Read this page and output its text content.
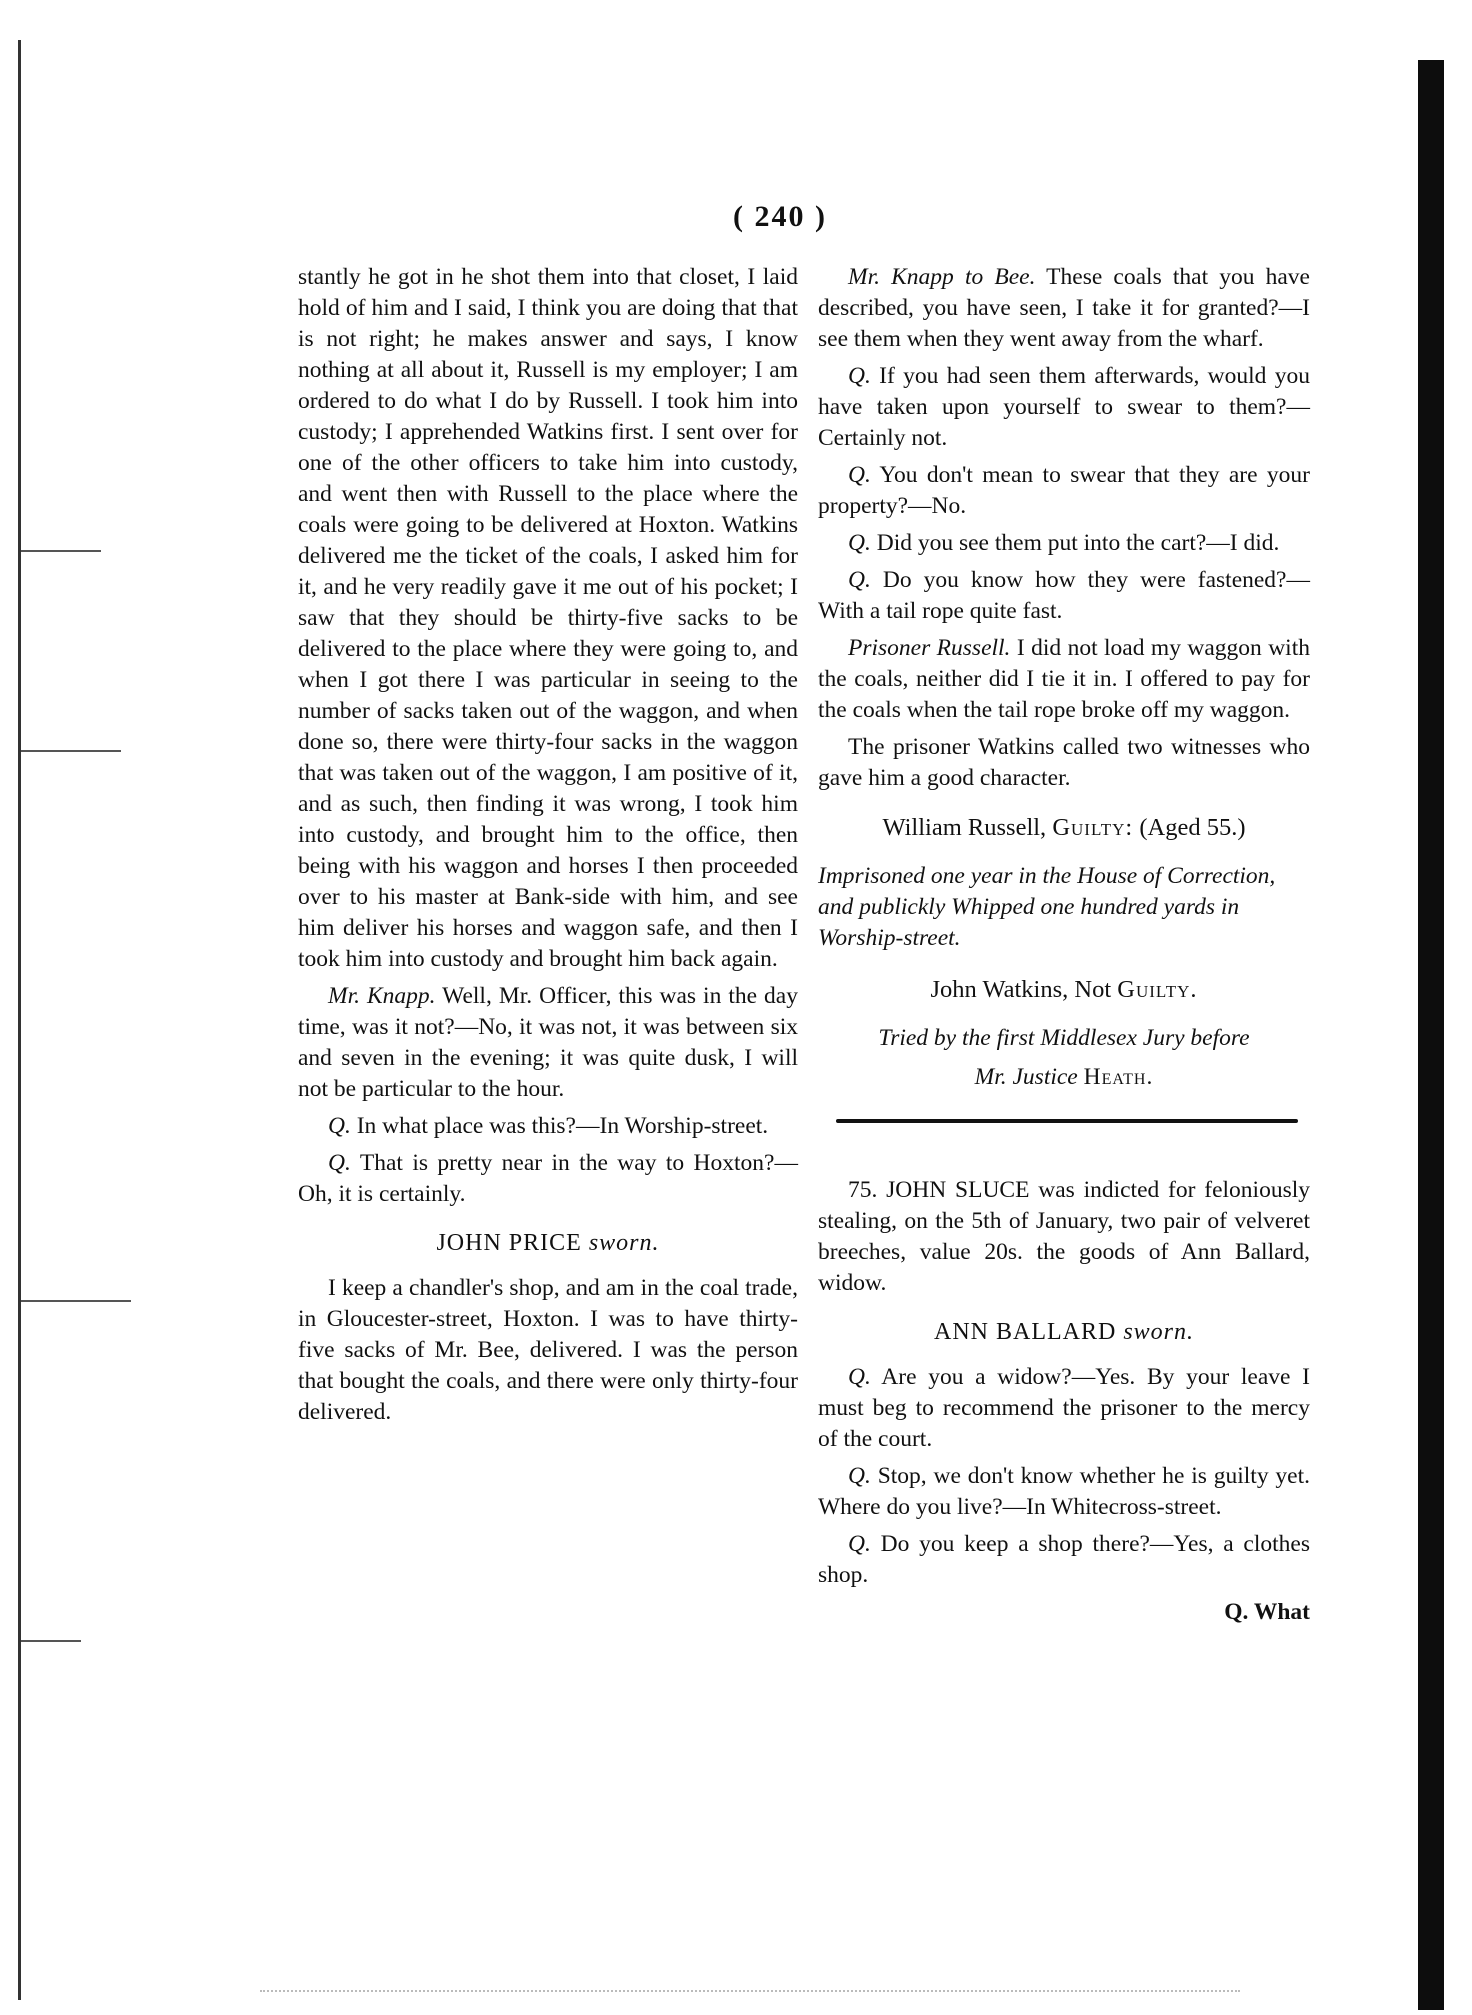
( 240 )

stantly he got in he shot them into that closet, I laid hold of him and I said, I think you are doing that that is not right; he makes answer and says, I know nothing at all about it, Russell is my employer; I am ordered to do what I do by Russell. I took him into custody; I apprehended Watkins first. I sent over for one of the other officers to take him into custody, and went then with Russell to the place where the coals were going to be delivered at Hoxton. Watkins delivered me the ticket of the coals, I asked him for it, and he very readily gave it me out of his pocket; I saw that they should be thirty-five sacks to be delivered to the place where they were going to, and when I got there I was particular in seeing to the number of sacks taken out of the waggon, and when done so, there were thirty-four sacks in the waggon that was taken out of the waggon, I am positive of it, and as such, then finding it was wrong, I took him into custody, and brought him to the office, then being with his waggon and horses I then proceeded over to his master at Bank-side with him, and see him deliver his horses and waggon safe, and then I took him into custody and brought him back again.

Mr. Knapp. Well, Mr. Officer, this was in the day time, was it not?—No, it was not, it was between six and seven in the evening; it was quite dusk, I will not be particular to the hour.

Q. In what place was this?—In Worship-street.

Q. That is pretty near in the way to Hoxton?—Oh, it is certainly.

JOHN PRICE sworn.

I keep a chandler's shop, and am in the coal trade, in Gloucester-street, Hoxton. I was to have thirty-five sacks of Mr. Bee, delivered. I was the person that bought the coals, and there were only thirty-four delivered.

Mr. Knapp to Bee. These coals that you have described, you have seen, I take it for granted?—I see them when they went away from the wharf.

Q. If you had seen them afterwards, would you have taken upon yourself to swear to them?—Certainly not.

Q. You don't mean to swear that they are your property?—No.

Q. Did you see them put into the cart?—I did.

Q. Do you know how they were fastened?—With a tail rope quite fast.

Prisoner Russell. I did not load my waggon with the coals, neither did I tie it in. I offered to pay for the coals when the tail rope broke off my waggon.

The prisoner Watkins called two witnesses who gave him a good character.

William Russell, Guilty: (Aged 55.)

Imprisoned one year in the House of Correction, and publickly Whipped one hundred yards in Worship-street.

John Watkins, Not Guilty.
Tried by the first Middlesex Jury before
Mr. Justice Heath.

75. JOHN SLUCE was indicted for feloniously stealing, on the 5th of January, two pair of velveret breeches, value 20s. the goods of Ann Ballard, widow.

ANN BALLARD sworn.

Q. Are you a widow?—Yes. By your leave I must beg to recommend the prisoner to the mercy of the court.

Q. Stop, we don't know whether he is guilty yet. Where do you live?—In Whitecross-street.

Q. Do you keep a shop there?—Yes, a clothes shop.

Q. What
